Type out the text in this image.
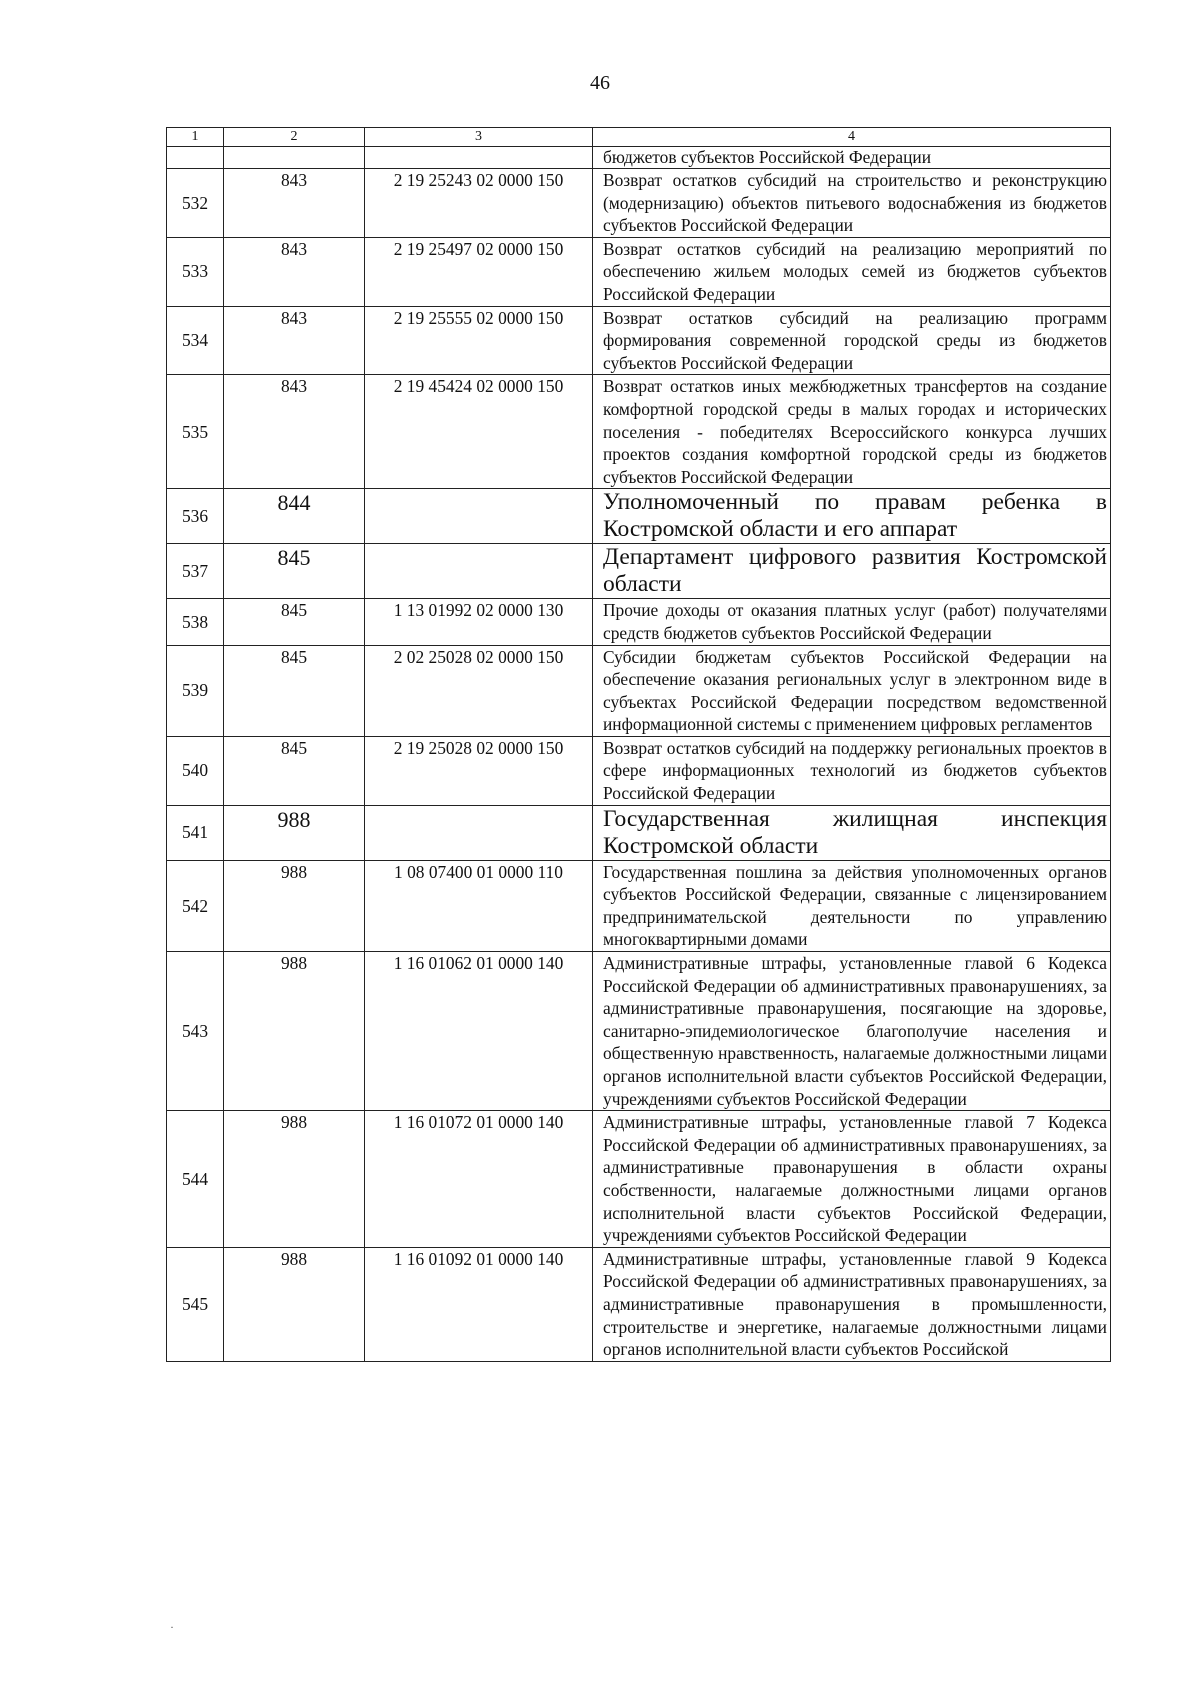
46
1	2	3	4
			бюджетов субъектов Российской Федерации
532	843	2 19 25243 02 0000 150	Возврат остатков субсидий на строительство и реконструкцию (модернизацию) объектов питьевого водоснабжения из бюджетов субъектов Российской Федерации
533	843	2 19 25497 02 0000 150	Возврат остатков субсидий на реализацию мероприятий по обеспечению жильем молодых семей из бюджетов субъектов Российской Федерации
534	843	2 19 25555 02 0000 150	Возврат остатков субсидий на реализацию программ формирования современной городской среды из бюджетов субъектов Российской Федерации
535	843	2 19 45424 02 0000 150	Возврат остатков иных межбюджетных трансфертов на создание комфортной городской среды в малых городах и исторических поселения - победителях Всероссийского конкурса лучших проектов создания комфортной городской среды из бюджетов субъектов Российской Федерации
536	844		Уполномоченный по правам ребенка в Костромской области и его аппарат
537	845		Департамент цифрового развития Костромской области
538	845	1 13 01992 02 0000 130	Прочие доходы от оказания платных услуг (работ) получателями средств бюджетов субъектов Российской Федерации
539	845	2 02 25028 02 0000 150	Субсидии бюджетам субъектов Российской Федерации на обеспечение оказания региональных услуг в электронном виде в субъектах Российской Федерации посредством ведомственной информационной системы с применением цифровых регламентов
540	845	2 19 25028 02 0000 150	Возврат остатков субсидий на поддержку региональных проектов в сфере информационных технологий из бюджетов субъектов Российской Федерации
541	988		Государственная жилищная инспекция Костромской области
542	988	1 08 07400 01 0000 110	Государственная пошлина за действия уполномоченных органов субъектов Российской Федерации, связанные с лицензированием предпринимательской деятельности по управлению многоквартирными домами
543	988	1 16 01062 01 0000 140	Административные штрафы, установленные главой 6 Кодекса Российской Федерации об административных правонарушениях, за административные правонарушения, посягающие на здоровье, санитарно-эпидемиологическое благополучие населения и общественную нравственность, налагаемые должностными лицами органов исполнительной власти субъектов Российской Федерации, учреждениями субъектов Российской Федерации
544	988	1 16 01072 01 0000 140	Административные штрафы, установленные главой 7 Кодекса Российской Федерации об административных правонарушениях, за административные правонарушения в области охраны собственности, налагаемые должностными лицами органов исполнительной власти субъектов Российской Федерации, учреждениями субъектов Российской Федерации
545	988	1 16 01092 01 0000 140	Административные штрафы, установленные главой 9 Кодекса Российской Федерации об административных правонарушениях, за административные правонарушения в промышленности, строительстве и энергетике, налагаемые должностными лицами органов исполнительной власти субъектов Российской
·
